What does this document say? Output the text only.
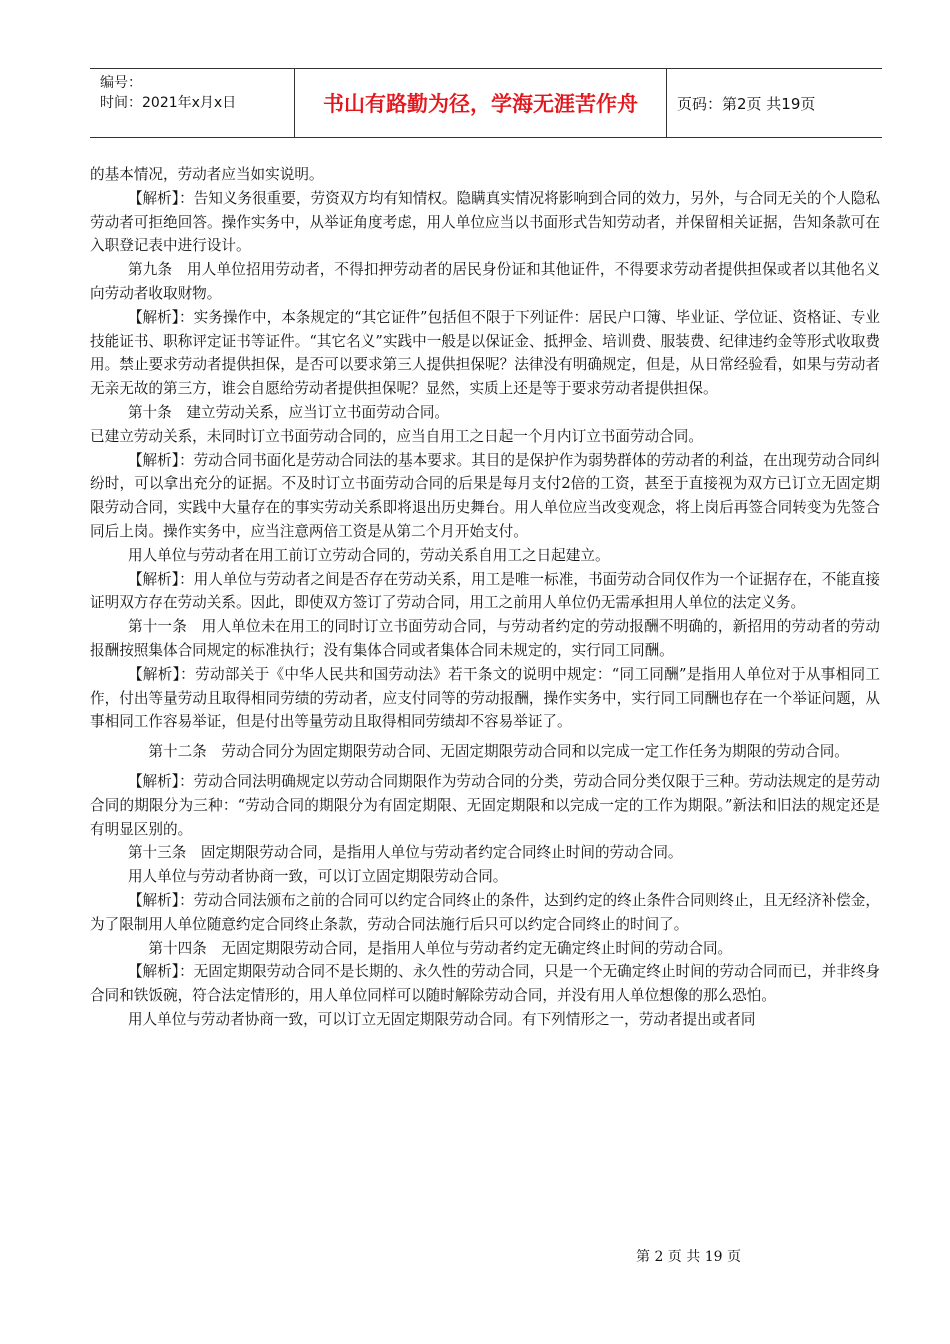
编号：
时间：2021年x月x日	书山有路勤为径，学海无涯苦作舟	页码：第2页 共19页

的基本情况，劳动者应当如实说明。

【解析】：告知义务很重要，劳资双方均有知情权。隐瞒真实情况将影响到合同的效力，另外，与合同无关的个人隐私劳动者可拒绝回答。操作实务中，从举证角度考虑，用人单位应当以书面形式告知劳动者，并保留相关证据，告知条款可在入职登记表中进行设计。

第九条　用人单位招用劳动者，不得扣押劳动者的居民身份证和其他证件，不得要求劳动者提供担保或者以其他名义向劳动者收取财物。

【解析】：实务操作中，本条规定的“其它证件”包括但不限于下列证件：居民户口簿、毕业证、学位证、资格证、专业技能证书、职称评定证书等证件。“其它名义”实践中一般是以保证金、抵押金、培训费、服装费、纪律违约金等形式收取费用。禁止要求劳动者提供担保，是否可以要求第三人提供担保呢？法律没有明确规定，但是，从日常经验看，如果与劳动者无亲无故的第三方，谁会自愿给劳动者提供担保呢？显然，实质上还是等于要求劳动者提供担保。

第十条　建立劳动关系，应当订立书面劳动合同。

已建立劳动关系，未同时订立书面劳动合同的，应当自用工之日起一个月内订立书面劳动合同。

【解析】：劳动合同书面化是劳动合同法的基本要求。其目的是保护作为弱势群体的劳动者的利益，在出现劳动合同纠纷时，可以拿出充分的证据。不及时订立书面劳动合同的后果是每月支付2倍的工资，甚至于直接视为双方已订立无固定期限劳动合同，实践中大量存在的事实劳动关系即将退出历史舞台。用人单位应当改变观念，将上岗后再签合同转变为先签合同后上岗。操作实务中，应当注意两倍工资是从第二个月开始支付。

用人单位与劳动者在用工前订立劳动合同的，劳动关系自用工之日起建立。

【解析】：用人单位与劳动者之间是否存在劳动关系，用工是唯一标准，书面劳动合同仅作为一个证据存在，不能直接证明双方存在劳动关系。因此，即使双方签订了劳动合同，用工之前用人单位仍无需承担用人单位的法定义务。

第十一条　用人单位未在用工的同时订立书面劳动合同，与劳动者约定的劳动报酬不明确的，新招用的劳动者的劳动报酬按照集体合同规定的标准执行；没有集体合同或者集体合同未规定的，实行同工同酬。

【解析】：劳动部关于《中华人民共和国劳动法》若干条文的说明中规定：“同工同酬”是指用人单位对于从事相同工作，付出等量劳动且取得相同劳绩的劳动者，应支付同等的劳动报酬，操作实务中，实行同工同酬也存在一个举证问题，从事相同工作容易举证，但是付出等量劳动且取得相同劳绩却不容易举证了。

第十二条　劳动合同分为固定期限劳动合同、无固定期限劳动合同和以完成一定工作任务为期限的劳动合同。

【解析】：劳动合同法明确规定以劳动合同期限作为劳动合同的分类，劳动合同分类仅限于三种。劳动法规定的是劳动合同的期限分为三种：“劳动合同的期限分为有固定期限、无固定期限和以完成一定的工作为期限。”新法和旧法的规定还是有明显区别的。

第十三条　固定期限劳动合同，是指用人单位与劳动者约定合同终止时间的劳动合同。

用人单位与劳动者协商一致，可以订立固定期限劳动合同。

【解析】：劳动合同法颁布之前的合同可以约定合同终止的条件，达到约定的终止条件合同则终止，且无经济补偿金，为了限制用人单位随意约定合同终止条款，劳动合同法施行后只可以约定合同终止的时间了。

第十四条　无固定期限劳动合同，是指用人单位与劳动者约定无确定终止时间的劳动合同。

【解析】：无固定期限劳动合同不是长期的、永久性的劳动合同，只是一个无确定终止时间的劳动合同而已，并非终身合同和铁饭碗，符合法定情形的，用人单位同样可以随时解除劳动合同，并没有用人单位想像的那么恐怕。

用人单位与劳动者协商一致，可以订立无固定期限劳动合同。有下列情形之一，劳动者提出或者同

第 2 页 共 19 页
